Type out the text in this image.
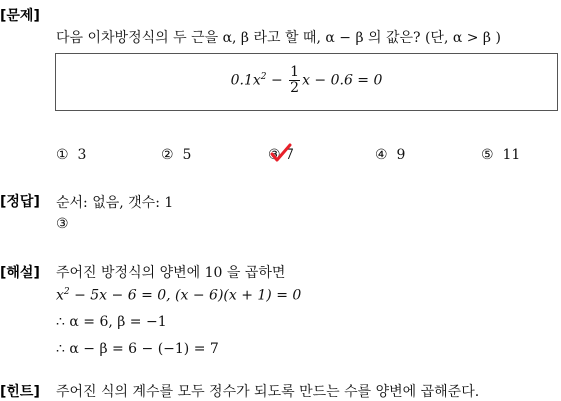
[문제]
다음 이차방정식의 두 근을 α, β 라고 할 때, α − β 의 값은? (단, α > β )
$0.1x^2 - \frac{1}{2}$ x − 0.6 = 0
① 3	② 5	③ 7	④ 9	⑤ 11
[정답] 순서: 없음, 갯수: 1
③
[해설] 주어진 방정식의 양변에 10 을 곱하면
$x^2 - 5x - 6 = 0$, (x − 6)(x + 1) = 0
∴ α = 6, β = −1
∴ α − β = 6 − (−1) = 7
[힌트] 주어진 식의 계수를 모두 정수가 되도록 만드는 수를 양변에 곱해준다.
